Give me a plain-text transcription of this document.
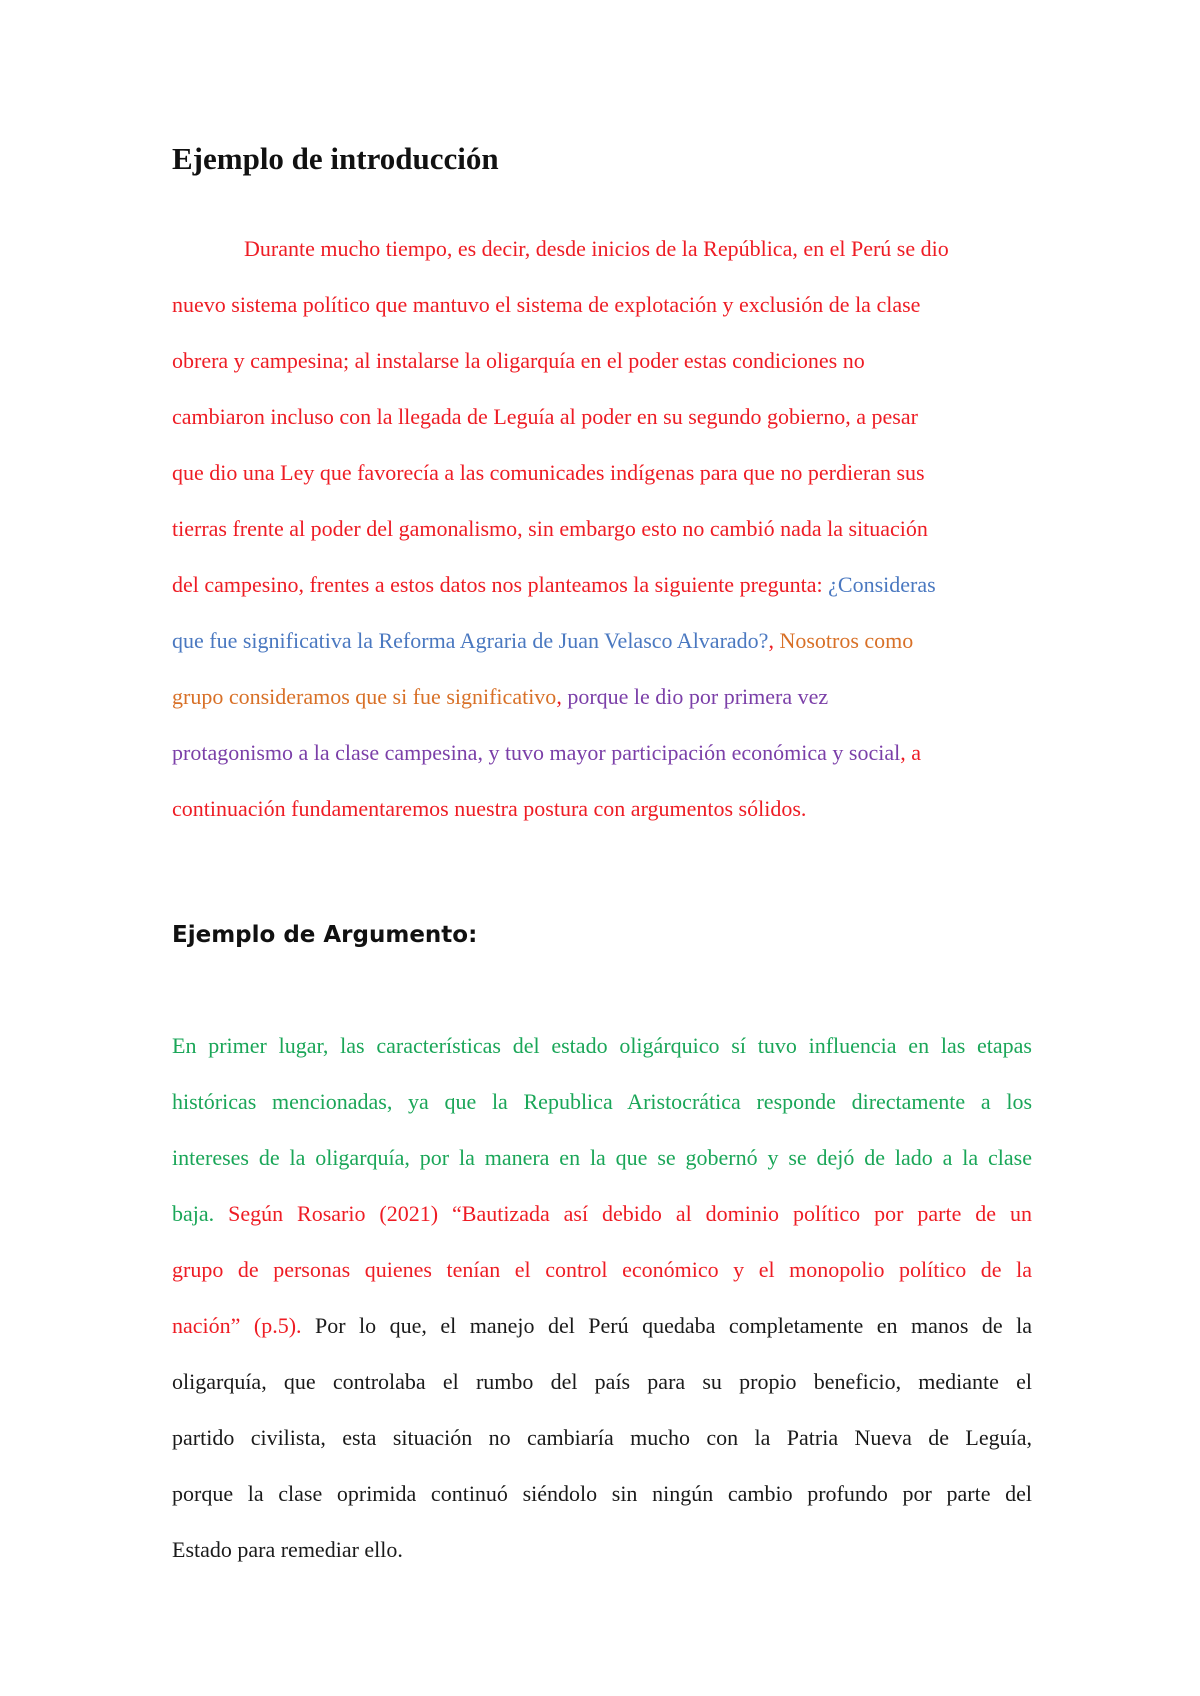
Ejemplo de introducción
Durante mucho tiempo, es decir, desde inicios de la República, en el Perú se dio
nuevo sistema político que mantuvo el sistema de explotación y exclusión de la clase
obrera y campesina; al instalarse la oligarquía en el poder estas condiciones no
cambiaron incluso con la llegada de Leguía al poder en su segundo gobierno, a pesar
que dio una Ley que favorecía a las comunicades indígenas para que no perdieran sus
tierras frente al poder del gamonalismo, sin embargo esto no cambió nada la situación
del campesino, frentes a estos datos nos planteamos la siguiente pregunta: ¿Consideras
que fue significativa la Reforma Agraria de Juan Velasco Alvarado?, Nosotros como
grupo consideramos que si fue significativo, porque le dio por primera vez
protagonismo a la clase campesina, y tuvo mayor participación económica y social, a
continuación fundamentaremos nuestra postura con argumentos sólidos.
Ejemplo de Argumento:
En primer lugar, las características del estado oligárquico sí tuvo influencia en las etapas
históricas mencionadas, ya que la Republica Aristocrática responde directamente a los
intereses de la oligarquía, por la manera en la que se gobernó y se dejó de lado a la clase
baja. Según Rosario (2021) “Bautizada así debido al dominio político por parte de un
grupo de personas quienes tenían el control económico y el monopolio político de la
nación” (p.5). Por lo que, el manejo del Perú quedaba completamente en manos de la
oligarquía, que controlaba el rumbo del país para su propio beneficio, mediante el
partido civilista, esta situación no cambiaría mucho con la Patria Nueva de Leguía,
porque la clase oprimida continuó siéndolo sin ningún cambio profundo por parte del
Estado para remediar ello.
